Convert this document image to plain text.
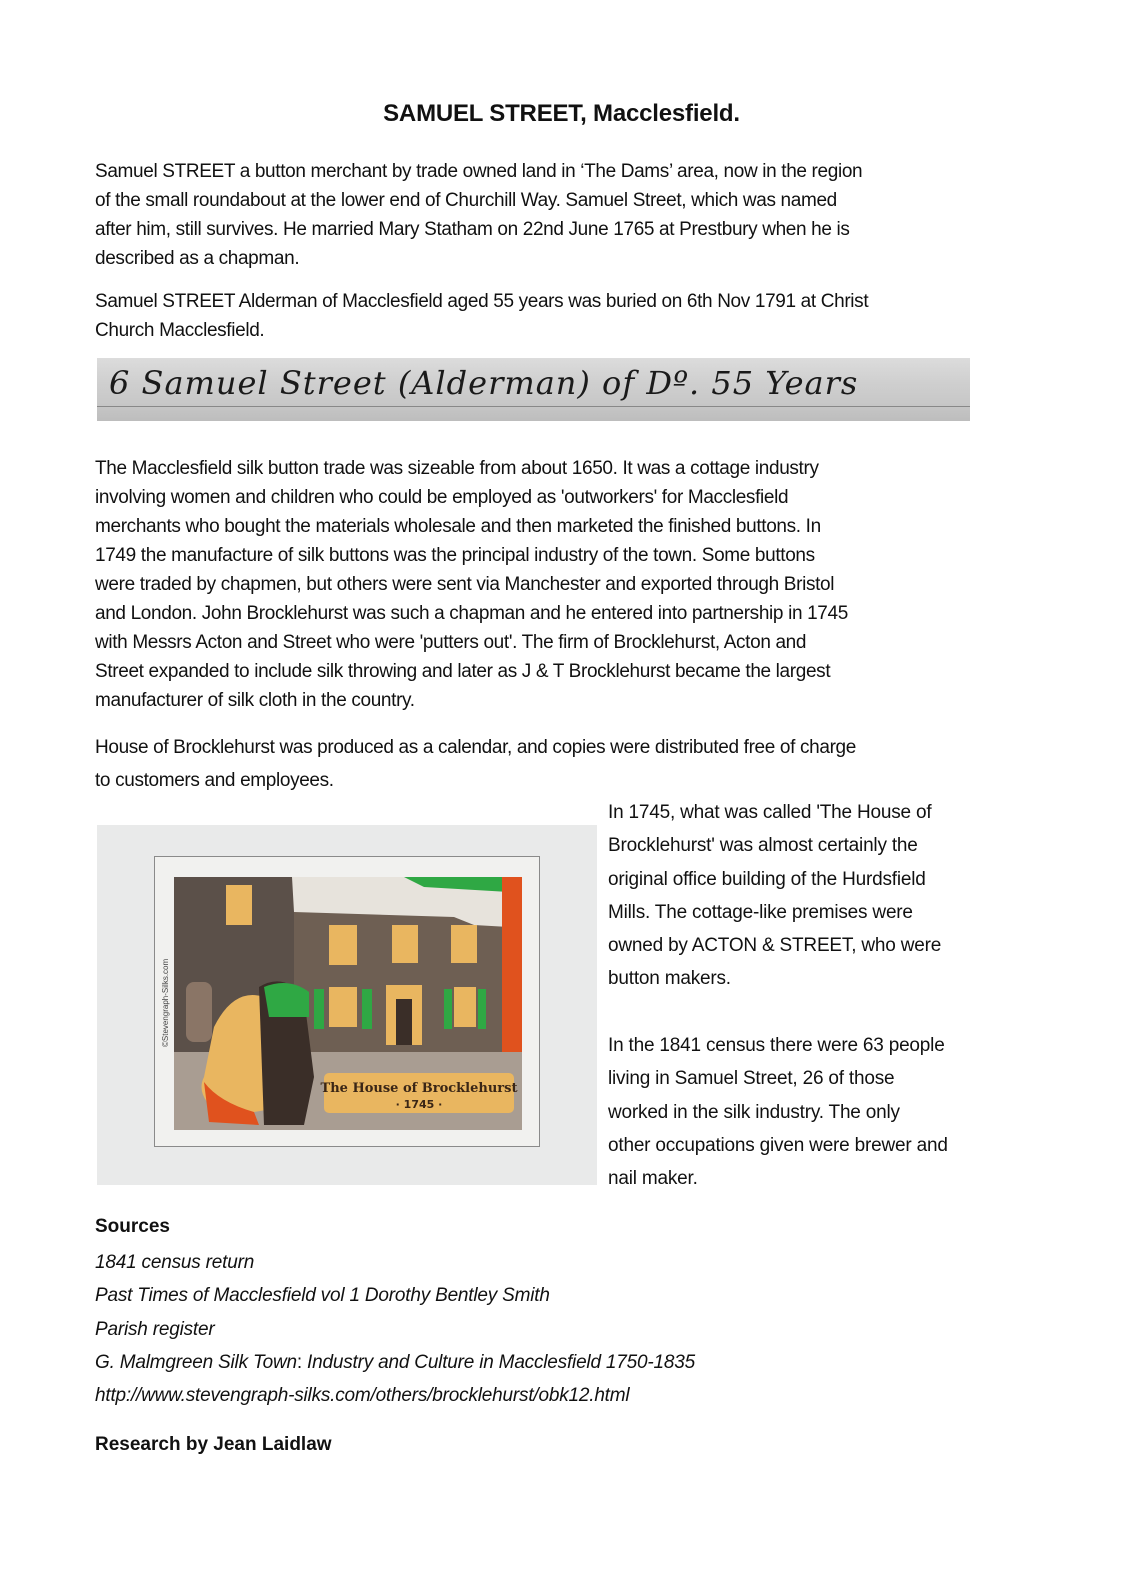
SAMUEL STREET, Macclesfield.
Samuel STREET a button merchant by trade owned land in ‘The Dams’ area, now in the region
of the small roundabout at the lower end of Churchill Way. Samuel Street, which was named
after him, still survives. He married Mary Statham on 22nd June 1765 at Prestbury when he is
described as a chapman.
Samuel STREET Alderman of Macclesfield aged 55 years was buried on 6th Nov 1791 at Christ
Church Macclesfield.
6 Samuel Street (Alderman) of Dº. 55 Years
The Macclesfield silk button trade was sizeable from about 1650. It was a cottage industry
involving women and children who could be employed as 'outworkers' for Macclesfield
merchants who bought the materials wholesale and then marketed the finished buttons. In
1749 the manufacture of silk buttons was the principal industry of the town. Some buttons
were traded by chapmen, but others were sent via Manchester and exported through Bristol
and London. John Brocklehurst was such a chapman and he entered into partnership in 1745
with Messrs Acton and Street who were 'putters out'. The firm of Brocklehurst, Acton and
Street expanded to include silk throwing and later as J & T Brocklehurst became the largest
manufacturer of silk cloth in the country.
House of Brocklehurst was produced as a calendar, and copies were distributed free of charge
to customers and employees.
In 1745, what was called 'The House of
Brocklehurst' was almost certainly the
original office building of the Hurdsfield
Mills. The cottage-like premises were
owned by ACTON & STREET, who were
button makers.
In the 1841 census there were 63 people
living in Samuel Street, 26 of those
worked in the silk industry. The only
other occupations given were brewer and
nail maker.
The House of Brocklehurst
· 1745 ·
©Stevengraph-Silks.com
Sources
1841 census return
Past Times of Macclesfield vol 1 Dorothy Bentley Smith
Parish register
G. Malmgreen Silk Town: Industry and Culture in Macclesfield 1750-1835
http://www.stevengraph-silks.com/others/brocklehurst/obk12.html
Research by Jean Laidlaw
